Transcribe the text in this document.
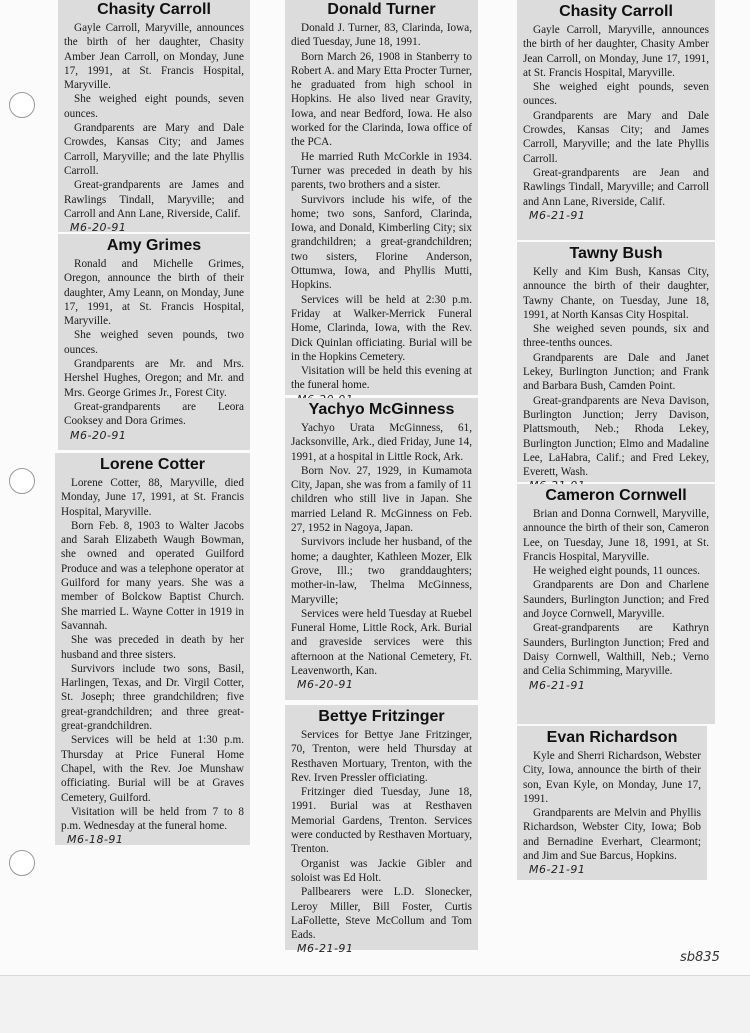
Chasity Carroll

Gayle Carroll, Maryville, announces the birth of her daughter, Chasity Amber Jean Carroll, on Monday, June 17, 1991, at St. Francis Hospital, Maryville.

She weighed eight pounds, seven ounces.

Grandparents are Mary and Dale Crowdes, Kansas City; and James Carroll, Maryville; and the late Phyllis Carroll.

Great-grandparents are James and Rawlings Tindall, Maryville; and Carroll and Ann Lane, Riverside, Calif.

M6-20-91
Amy Grimes

Ronald and Michelle Grimes, Oregon, announce the birth of their daughter, Amy Leann, on Monday, June 17, 1991, at St. Francis Hospital, Maryville.

She weighed seven pounds, two ounces.

Grandparents are Mr. and Mrs. Hershel Hughes, Oregon; and Mr. and Mrs. George Grimes Jr., Forest City.

Great-grandparents are Leora Cooksey and Dora Grimes.

M6-20-91
Lorene Cotter

Lorene Cotter, 88, Maryville, died Monday, June 17, 1991, at St. Francis Hospital, Maryville.

Born Feb. 8, 1903 to Walter Jacobs and Sarah Elizabeth Waugh Bowman, she owned and operated Guilford Produce and was a telephone operator at Guilford for many years. She was a member of Bolckow Baptist Church. She married L. Wayne Cotter in 1919 in Savannah.

She was preceded in death by her husband and three sisters.

Survivors include two sons, Basil, Harlingen, Texas, and Dr. Virgil Cotter, St. Joseph; three grandchildren; five great-grandchildren; and three great-great-grandchildren.

Services will be held at 1:30 p.m. Thursday at Price Funeral Home Chapel, with the Rev. Joe Munshaw officiating. Burial will be at Graves Cemetery, Guilford.

Visitation will be held from 7 to 8 p.m. Wednesday at the funeral home.

M6-18-91
Donald Turner

Donald J. Turner, 83, Clarinda, Iowa, died Tuesday, June 18, 1991.

Born March 26, 1908 in Stanberry to Robert A. and Mary Etta Procter Turner, he graduated from high school in Hopkins. He also lived near Gravity, Iowa, and near Bedford, Iowa. He also worked for the Clarinda, Iowa office of the PCA.

He married Ruth McCorkle in 1934. Turner was preceded in death by his parents, two brothers and a sister.

Survivors include his wife, of the home; two sons, Sanford, Clarinda, Iowa, and Donald, Kimberling City; six grandchildren; a great-grandchildren; two sisters, Florine Anderson, Ottumwa, Iowa, and Phyllis Mutti, Hopkins.

Services will be held at 2:30 p.m. Friday at Walker-Merrick Funeral Home, Clarinda, Iowa, with the Rev. Dick Quinlan officiating. Burial will be in the Hopkins Cemetery.

Visitation will be held this evening at the funeral home.

Yachyo McGinness

Yachyo Urata McGinness, 61, Jacksonville, Ark., died Friday, June 14, 1991, at a hospital in Little Rock, Ark.

Born Nov. 27, 1929, in Kumamota City, Japan, she was from a family of 11 children who still live in Japan. She married Leland R. McGinness on Feb. 27, 1952 in Nagoya, Japan.

Survivors include her husband, of the home; a daughter, Kathleen Mozer, Elk Grove, Ill.; two granddaughters; mother-in-law, Thelma McGinness, Maryville;

Services were held Tuesday at Ruebel Funeral Home, Little Rock, Ark. Burial and graveside services were this afternoon at the National Cemetery, Ft. Leavenworth, Kan.

M6-20-91
Bettye Fritzinger

Services for Bettye Jane Fritzinger, 70, Trenton, were held Thursday at Resthaven Mortuary, Trenton, with the Rev. Irven Pressler officiating.

Fritzinger died Tuesday, June 18, 1991. Burial was at Resthaven Memorial Gardens, Trenton. Services were conducted by Resthaven Mortuary, Trenton.

Organist was Jackie Gibler and soloist was Ed Holt.

Pallbearers were L.D. Slonecker, Leroy Miller, Bill Foster, Curtis LaFollette, Steve McCollum and Tom Eads.

M6-21-91
Chasity Carroll

Gayle Carroll, Maryville, announces the birth of her daughter, Chasity Amber Jean Carroll, on Monday, June 17, 1991, at St. Francis Hospital, Maryville.

She weighed eight pounds, seven ounces.

Grandparents are Mary and Dale Crowdes, Kansas City; and James Carroll, Maryville; and the late Phyllis Carroll.

Great-grandparents are Jean and Rawlings Tindall, Maryville; and Carroll and Ann Lane, Riverside, Calif.

M6-21-91
Tawny Bush

Kelly and Kim Bush, Kansas City, announce the birth of their daughter, Tawny Chante, on Tuesday, June 18, 1991, at North Kansas City Hospital.

She weighed seven pounds, six and three-tenths ounces.

Grandparents are Dale and Janet Lekey, Burlington Junction; and Frank and Barbara Bush, Camden Point.

Great-grandparents are Neva Davison, Burlington Junction; Jerry Davison, Plattsmouth, Neb.; Rhoda Lekey, Burlington Junction; Elmo and Madaline Lee, LaHabra, Calif.; and Fred Lekey, Everett, Wash.

Cameron Cornwell

Brian and Donna Cornwell, Maryville, announce the birth of their son, Cameron Lee, on Tuesday, June 18, 1991, at St. Francis Hospital, Maryville.

He weighed eight pounds, 11 ounces.

Grandparents are Don and Charlene Saunders, Burlington Junction; and Fred and Joyce Cornwell, Maryville.

Great-grandparents are Kathryn Saunders, Burlington Junction; Fred and Daisy Cornwell, Walthill, Neb.; Verno and Celia Schimming, Maryville.

M6-21-91
Evan Richardson

Kyle and Sherri Richardson, Webster City, Iowa, announce the birth of their son, Evan Kyle, on Monday, June 17, 1991.

Grandparents are Melvin and Phyllis Richardson, Webster City, Iowa; Bob and Bernadine Everhart, Clearmont; and Jim and Sue Barcus, Hopkins.

M6-21-91
sb835
